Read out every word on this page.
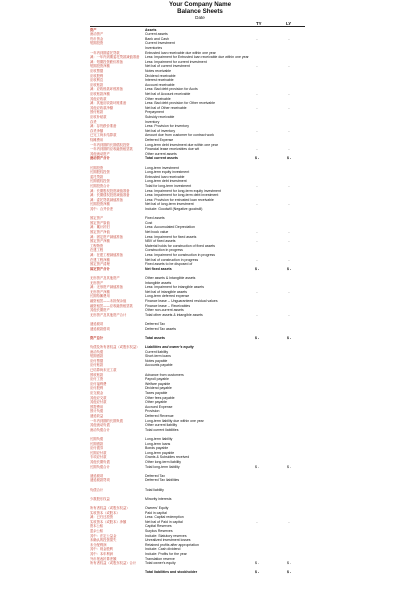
Your Company Name
Balance Sheets
Date
TY	LY
资产	Assets
流动资产	Current assets
货币资金	Bank and Cash	-	-
短期投资	Current Investment
Inventories
一年内到期委托贷款	Entrusted loan receivable due within one year
减：一年内到期委托贷款减值准备	Less: Impairment for Entrusted loan receivable due within one year
减：短期投资跌价准备	Less: Impairment for current investment
短期投资净额	Net bal of current investment	-	-
应收票据	Notes receivable
应收股利	Dividend receivable
应收利息	Interest receivable
应收账款	Account receivable
减：应收账款坏账准备	Less: Bad debt provision for Accts
应收账款净额	Net bal of Account receivable	-	-
其他应收款	Other receivable
减：其他应收款坏账准备	Less: Bad debt provision for Other receivable
其他应收款净额	Net bal of Other receivable	-	-
预付账款	Prepayment
应收补贴款	Subsidy receivable
存货	Inventory
减：存货跌价准备	Less: Provision for inventory
存货净额	Net bal of inventory	-	-
已完工尚未结算款	Amount due from customer for contract work
待摊费用	Deferred Expense
一年内到期的长期债权投资	Long-term debt investment due within one year
一年内到期的应收融资租赁款	Financial lease receivables due wit	-	-
其他流动资产	Other current assets
流动资产合计	Total current assets	$ -	$ -
长期投资	Long-term investment
长期股权投资	Long-term equity investment
委托贷款	Entrusted loan receivable
长期债权投资	Long-term debt investment
长期投资合计	Total for long-term investment	-	-
减：长期股权投资减值准备	Less: Impairment for long-term equity investment
减：长期债权投资减值准备	Less: Impairment for long-term debt investment
减：委托贷款减值准备	Less: Provision for entrusted loan receivable
长期投资净额	Net bal of long-term investment	-	-
其中：合并价差	Include: Goodwill (Negative goodwill)
固定资产	Fixed assets
固定资产原值	Cost
减：累计折旧	Less: Accumulated Depreciation
固定资产净值	Net book value	-	-
减：固定资产减值准备	Less: Impairment for fixed assets
固定资产净额	NBV of fixed assets	-	-
工程物资	Material holds for construction of fixed assets
在建工程	Construction in progress
减：在建工程减值准备	Less: Impairment for construction in progress
在建工程净额	Net bal of construction in progress	-	-
固定资产清理	Fixed assets to be disposed of
固定资产合计	Net fixed assets	$ -	$ -
无形资产及其他资产	Other assets & Intangible assets
无形资产	Intangible assets
减：无形资产减值准备	Less: Impairment for intangible assets
无形资产净额	Net bal of intangible assets	-	-
长期待摊费用	Long-term deferred expense
融资租赁——未担保余值	Finance lease -- Unguaranteed residual values
融资租赁——应收融资租赁款	Finance lease -- Receivables
其他长期资产	Other non-current assets
无形资产及其他资产合计	Total other assets & intangible assets	-	-
递延税项	Deferred Tax
递延税款借项	Deferred Tax assets
资产总计	Total assets	$ -	$ -
负债及所有者权益（或股东权益）	Liabilities and owner's equity
流动负债	Current liability
短期借款	Short-term loans
应付票据	Notes payable
应付账款	Accounts payable
已结算尚未完工款
预收账款	Advance from customers
应付工资	Payroll payable
应付福利费	Welfare payable
应付股利	Dividend payable
应交税金	Taxes payable
其他应交款	Other fees payable
其他应付款	Other payable
预提费用	Accrued Expense
预计负债	Provision
递延收益	Deferred Revenue
一年内到期的长期负债	Long-term liability due within one year
其他流动负债	Other current liability
流动负债合计	Total current liabilities
长期负债	Long-term liability
长期借款	Long-term loans
应付债券	Bonds payable
长期应付款	Long-term payable
专项应付款	Grants & Subsidies received
其他长期负债	Other long-term liability
长期负债合计	Total long-term liability	$ -	$ -
递延税项	Deferred Tax
递延税款贷项	Deferred Tax liabilities
负债合计	Total liability
少数股东权益	Minority interests
所有者权益（或股东权益）	Owners' Equity
实收资本（或股本）	Paid in capital
减：已归还投资	Less: Capital redemption
实收资本（或股本）净额	Net bal of Paid in capital	-	-
资本公积	Capital Reserves
盈余公积	Surplus Reserves
其中：法定公益金	Include: Statutory reserves
未确认的投资损失	Unrealized investment losses
未分配利润	Retained profits after appropriation
其中：现金股利	Include: Cash dividend
其中：本年利润	Include: Profits for the year
外币报表折算差额	Translation reserve
所有者权益（或股东权益）合计	Total owner's equity	$ -	$ -
Total liabilities and stockholder	$ -	$ -
